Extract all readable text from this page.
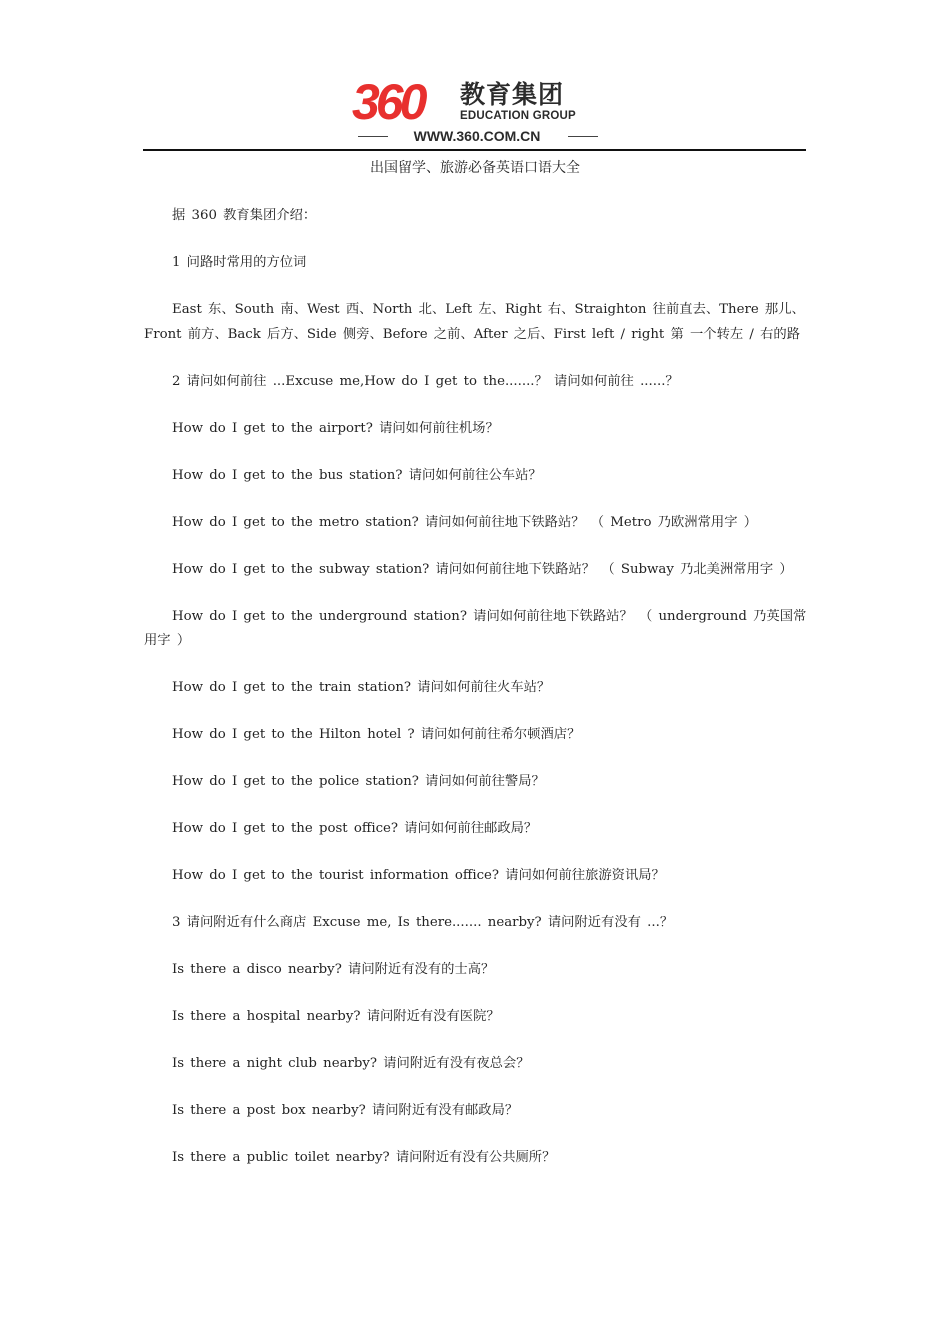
360 教育集团
EDUCATION GROUP
WWW.360.COM.CN
出国留学、旅游必备英语口语大全

据 360 教育集团介绍：

1 问路时常用的方位词

East 东、South 南、West 西、North 北、Left 左、Right 右、Straighton 往前直去、There 那儿、Front 前方、Back 后方、Side 侧旁、Before 之前、After 之后、First left / right 第 一个转左 / 右的路

2 请问如何前往 ...Excuse me,How do I get to the.......？ 请问如何前往 ......？

How do I get to the airport? 请问如何前往机场？

How do I get to the bus station? 请问如何前往公车站？

How do I get to the metro station? 请问如何前往地下铁路站？ （ Metro 乃欧洲常用字 ）

How do I get to the subway station? 请问如何前往地下铁路站？ （ Subway 乃北美洲常用字 ）

How do I get to the underground station? 请问如何前往地下铁路站？ （ underground 乃英国常用字 ）

How do I get to the train station? 请问如何前往火车站？

How do I get to the Hilton hotel ? 请问如何前往希尔顿酒店？

How do I get to the police station? 请问如何前往警局？

How do I get to the post office? 请问如何前往邮政局？

How do I get to the tourist information office? 请问如何前往旅游资讯局？

3 请问附近有什么商店 Excuse me, Is there....... nearby? 请问附近有没有 ...？

Is there a disco nearby? 请问附近有没有的士高？

Is there a hospital nearby? 请问附近有没有医院？

Is there a night club nearby? 请问附近有没有夜总会？

Is there a post box nearby? 请问附近有没有邮政局？

Is there a public toilet nearby? 请问附近有没有公共厕所？
